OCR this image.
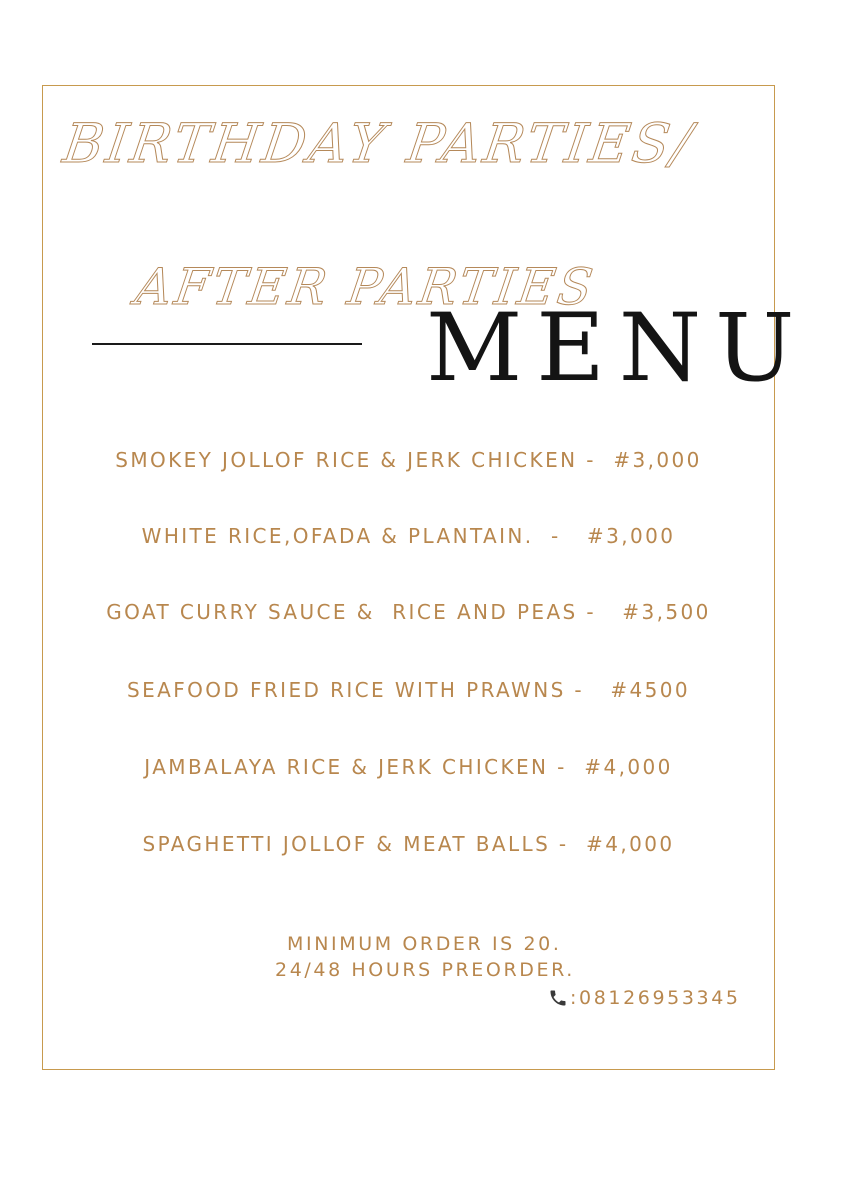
BIRTHDAY PARTIES/
AFTER PARTIES
MENU
SMOKEY JOLLOF RICE & JERK CHICKEN -  #3,000
WHITE RICE,OFADA & PLANTAIN.  -   #3,000
GOAT CURRY SAUCE &  RICE AND PEAS -   #3,500
SEAFOOD FRIED RICE WITH PRAWNS -   #4500
JAMBALAYA RICE & JERK CHICKEN -  #4,000
SPAGHETTI JOLLOF & MEAT BALLS -  #4,000
MINIMUM ORDER IS 20.
24/48 HOURS PREORDER.
:08126953345
